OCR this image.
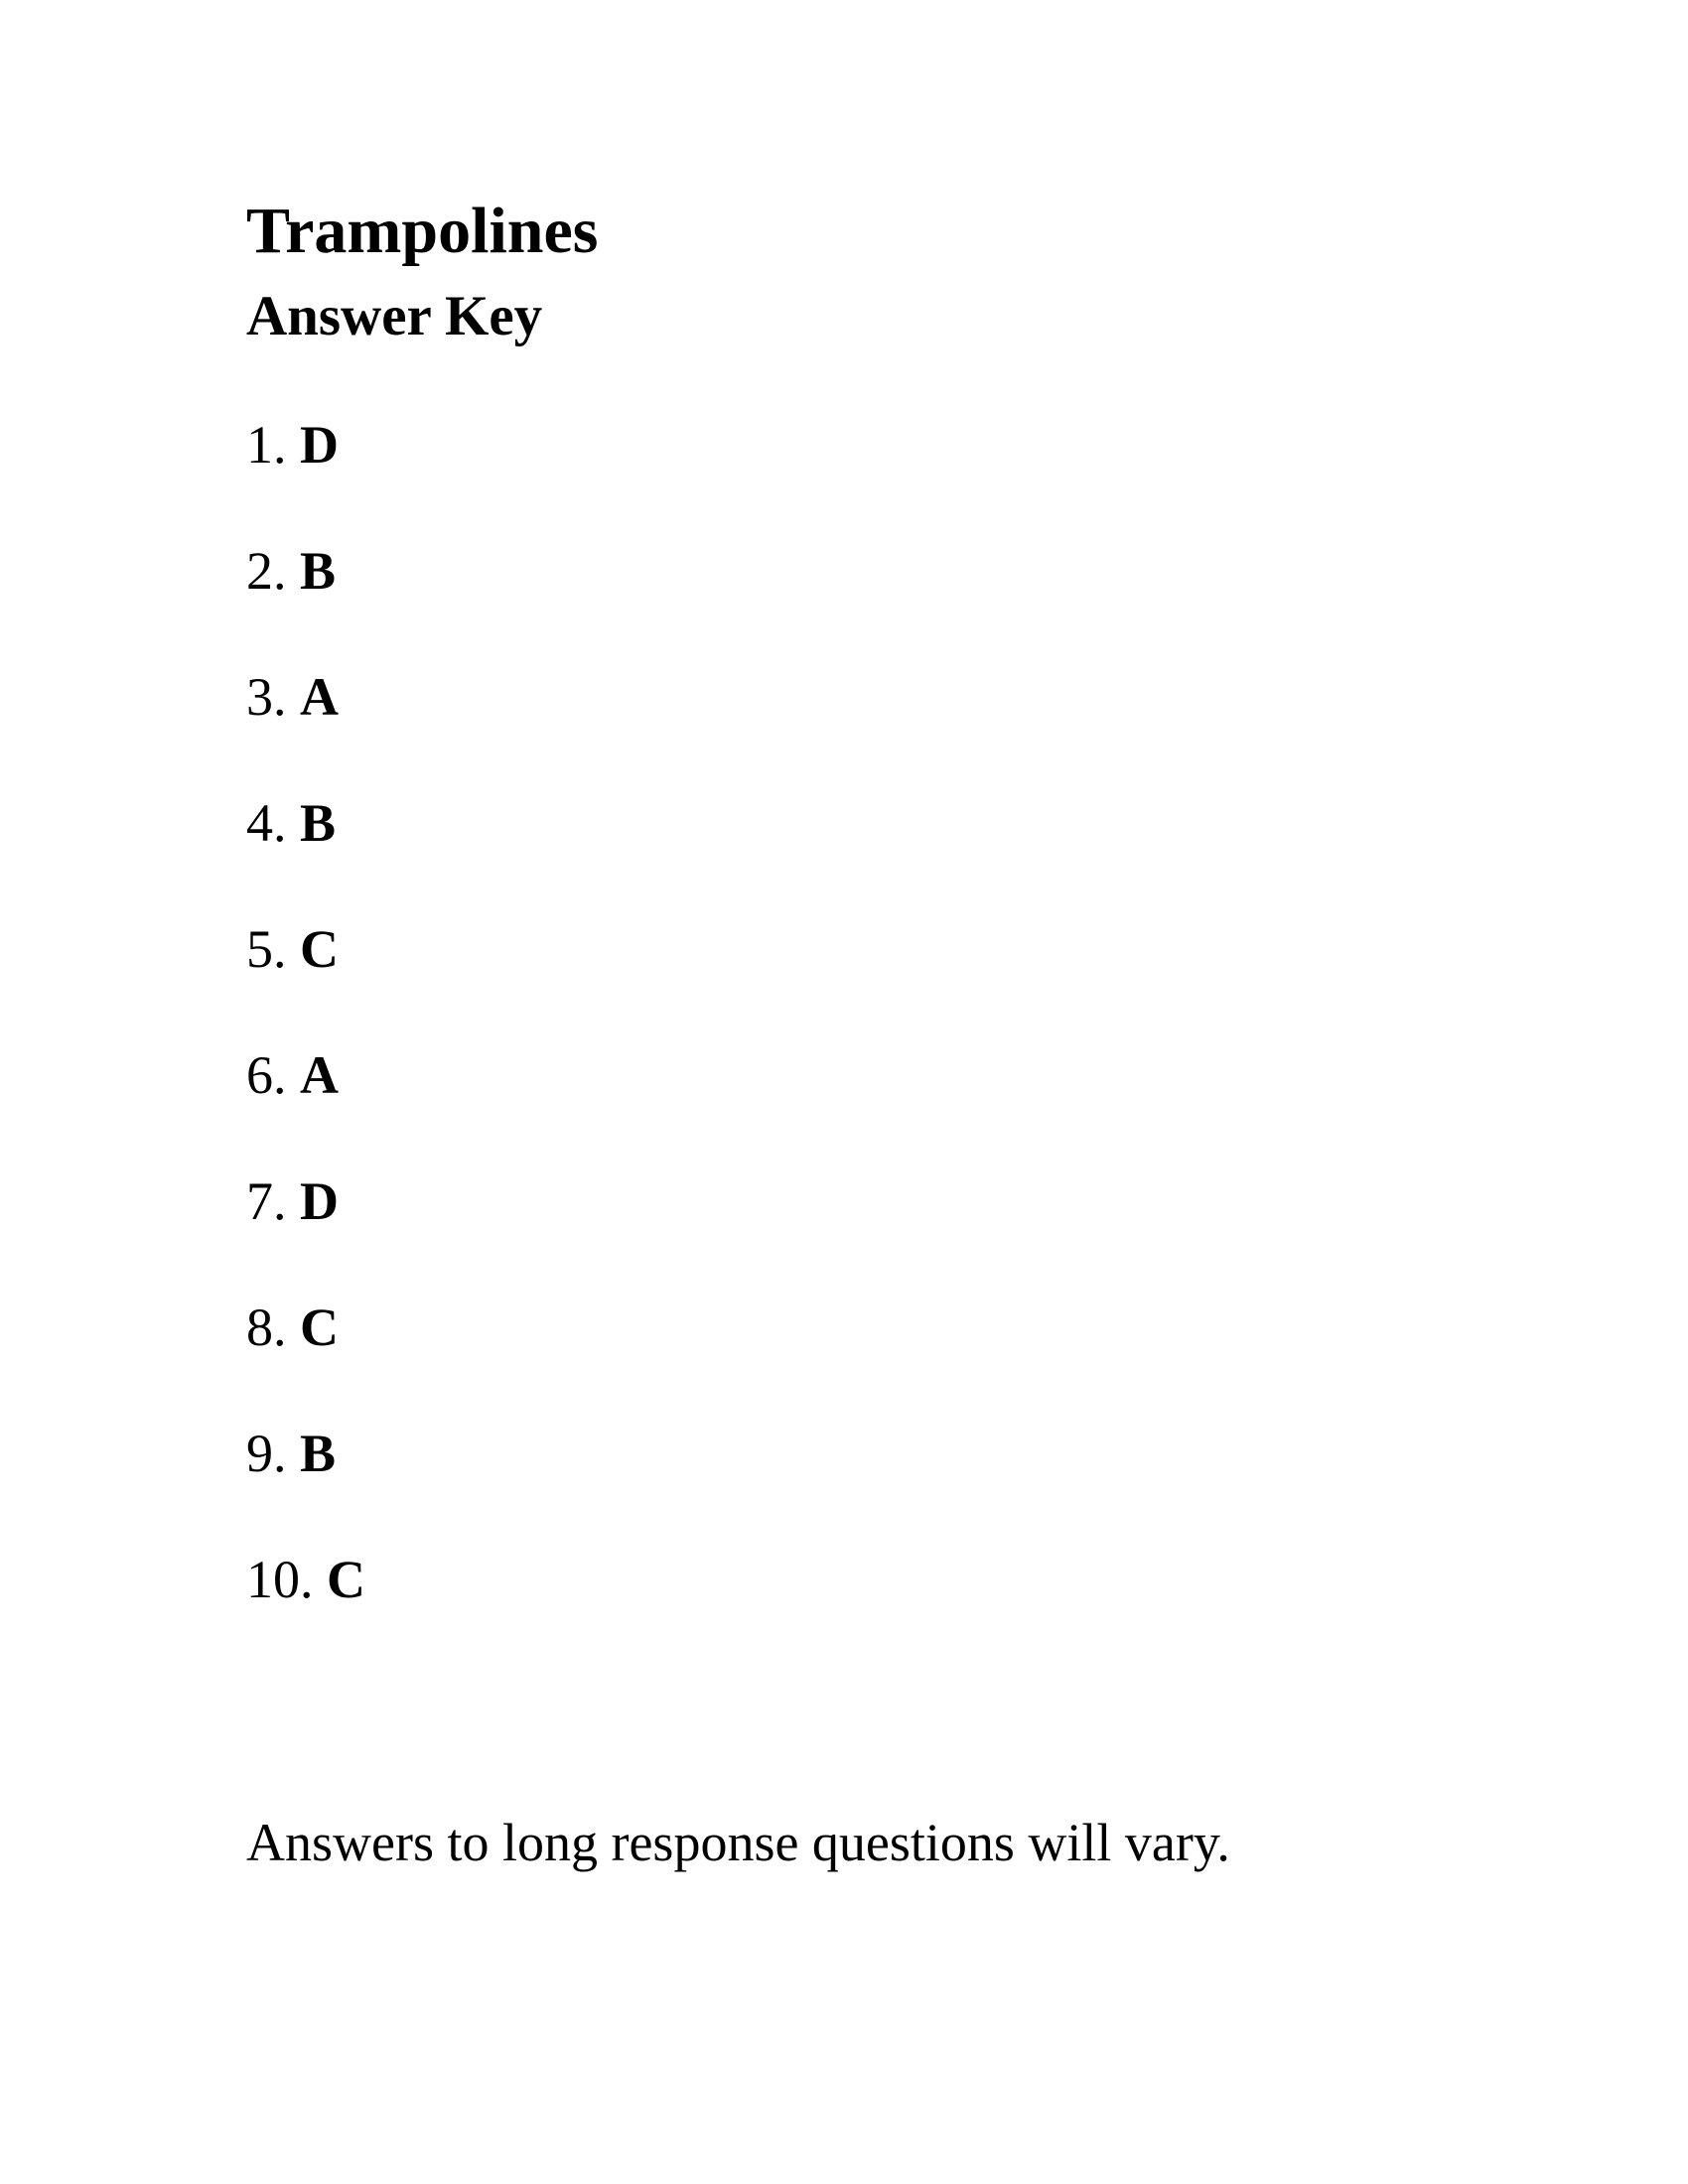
Trampolines
Answer Key
1. D
2. B
3. A
4. B
5. C
6. A
7. D
8. C
9. B
10. C

Answers to long response questions will vary.
